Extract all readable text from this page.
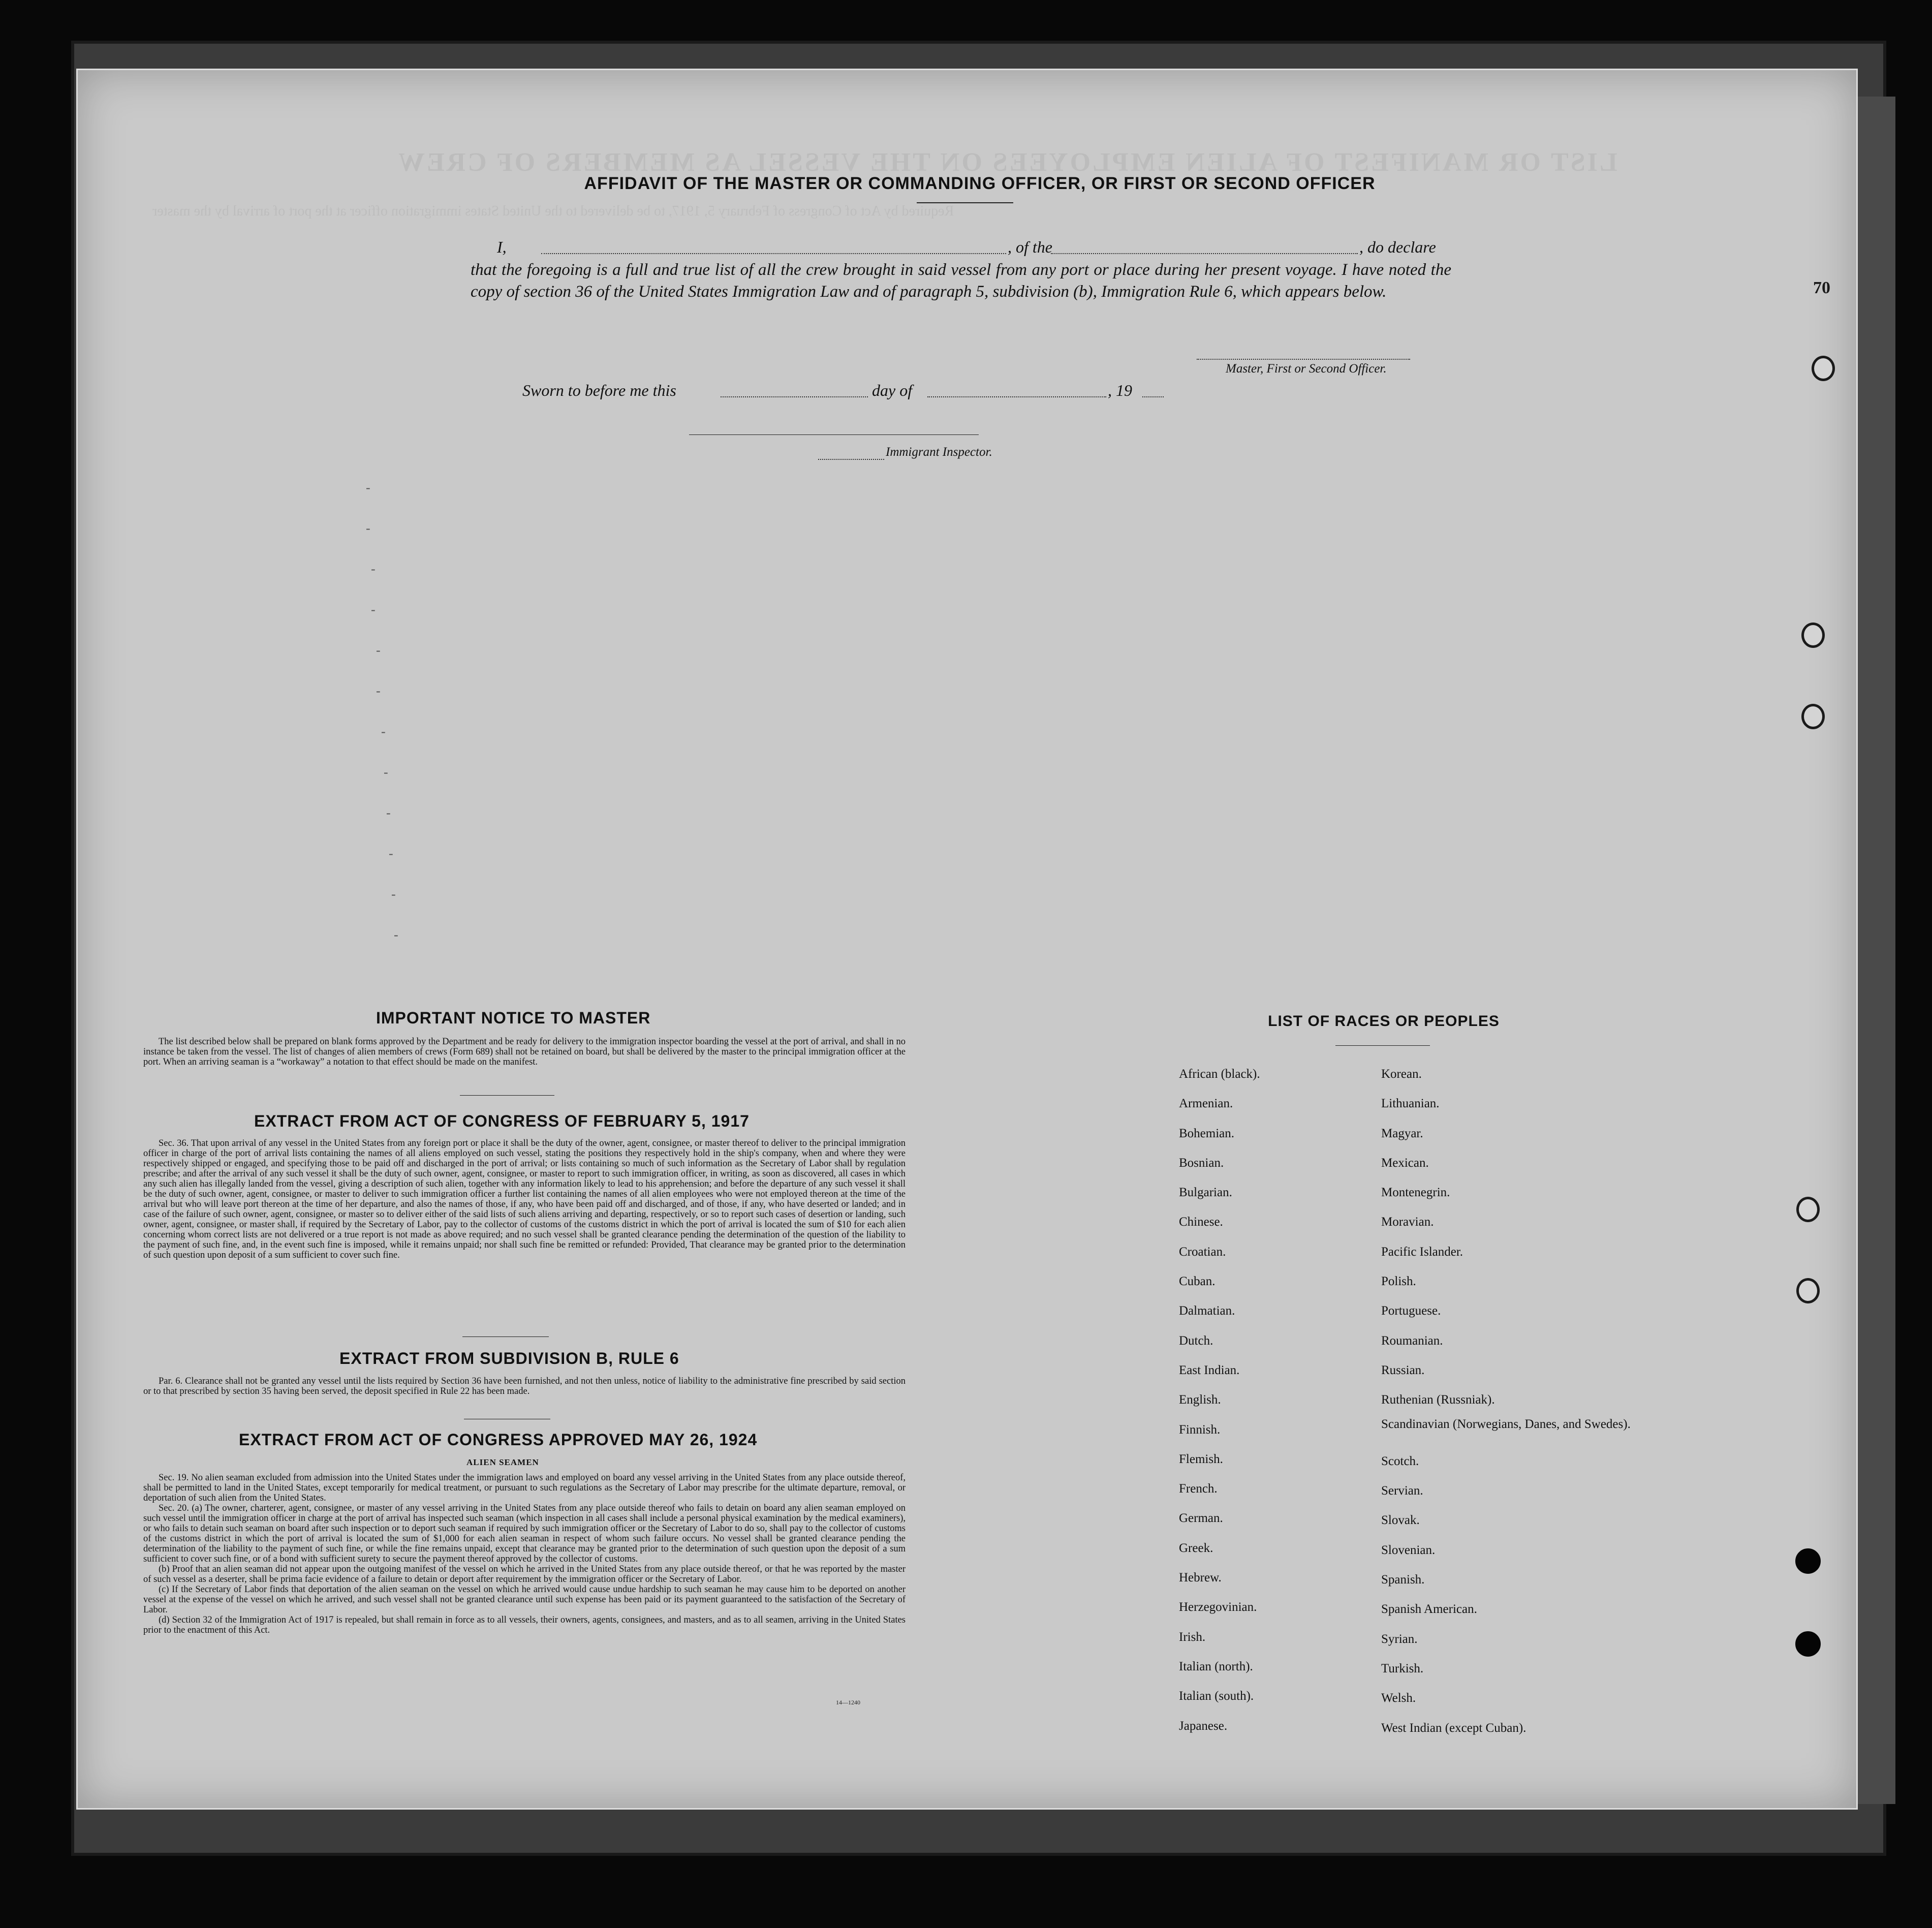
LIST OR MANIFEST OF ALIEN EMPLOYEES ON THE VESSEL AS MEMBERS OF CREW
Required by Act of Congress of February 5, 1917, to be delivered to the United States immigration officer at the port of arrival by the master
AFFIDAVIT OF THE MASTER OR COMMANDING OFFICER, OR FIRST OR SECOND OFFICER
I,	, of the	, do declare
that the foregoing is a full and true list of all the crew brought in said vessel from any port or place during her present voyage. I have noted the copy of section 36 of the United States Immigration Law and of paragraph 5, subdivision (b), Immigration Rule 6, which appears below.
Master, First or Second Officer.
Sworn to before me this	day of	, 19
Immigrant Inspector.
-
-
-
-
-
-
-
-
-
-
-
-
IMPORTANT NOTICE TO MASTER

The list described below shall be prepared on blank forms approved by the Department and be ready for delivery to the immigration inspector boarding the vessel at the port of arrival, and shall in no instance be taken from the vessel. The list of changes of alien members of crews (Form 689) shall not be retained on board, but shall be delivered by the master to the principal immigration officer at the port. When an arriving seaman is a “workaway” a notation to that effect should be made on the manifest.

EXTRACT FROM ACT OF CONGRESS OF FEBRUARY 5, 1917

Sec. 36. That upon arrival of any vessel in the United States from any foreign port or place it shall be the duty of the owner, agent, consignee, or master thereof to deliver to the principal immigration officer in charge of the port of arrival lists containing the names of all aliens employed on such vessel, stating the positions they respectively hold in the ship's company, when and where they were respectively shipped or engaged, and specifying those to be paid off and discharged in the port of arrival; or lists containing so much of such information as the Secretary of Labor shall by regulation prescribe; and after the arrival of any such vessel it shall be the duty of such owner, agent, consignee, or master to report to such immigration officer, in writing, as soon as discovered, all cases in which any such alien has illegally landed from the vessel, giving a description of such alien, together with any information likely to lead to his apprehension; and before the departure of any such vessel it shall be the duty of such owner, agent, consignee, or master to deliver to such immigration officer a further list containing the names of all alien employees who were not employed thereon at the time of the arrival but who will leave port thereon at the time of her departure, and also the names of those, if any, who have been paid off and discharged, and of those, if any, who have deserted or landed; and in case of the failure of such owner, agent, consignee, or master so to deliver either of the said lists of such aliens arriving and departing, respectively, or so to report such cases of desertion or landing, such owner, agent, consignee, or master shall, if required by the Secretary of Labor, pay to the collector of customs of the customs district in which the port of arrival is located the sum of $10 for each alien concerning whom correct lists are not delivered or a true report is not made as above required; and no such vessel shall be granted clearance pending the determination of the question of the liability to the payment of such fine, and, in the event such fine is imposed, while it remains unpaid; nor shall such fine be remitted or refunded: Provided, That clearance may be granted prior to the determination of such question upon deposit of a sum sufficient to cover such fine.

EXTRACT FROM SUBDIVISION B, RULE 6

Par. 6. Clearance shall not be granted any vessel until the lists required by Section 36 have been furnished, and not then unless, notice of liability to the administrative fine prescribed by said section or to that prescribed by section 35 having been served, the deposit specified in Rule 22 has been made.

EXTRACT FROM ACT OF CONGRESS APPROVED MAY 26, 1924
ALIEN SEAMEN

Sec. 19. No alien seaman excluded from admission into the United States under the immigration laws and employed on board any vessel arriving in the United States from any place outside thereof, shall be permitted to land in the United States, except temporarily for medical treatment, or pursuant to such regulations as the Secretary of Labor may prescribe for the ultimate departure, removal, or deportation of such alien from the United States.

Sec. 20. (a) The owner, charterer, agent, consignee, or master of any vessel arriving in the United States from any place outside thereof who fails to detain on board any alien seaman employed on such vessel until the immigration officer in charge at the port of arrival has inspected such seaman (which inspection in all cases shall include a personal physical examination by the medical examiners), or who fails to detain such seaman on board after such inspection or to deport such seaman if required by such immigration officer or the Secretary of Labor to do so, shall pay to the collector of customs of the customs district in which the port of arrival is located the sum of $1,000 for each alien seaman in respect of whom such failure occurs. No vessel shall be granted clearance pending the determination of the liability to the payment of such fine, or while the fine remains unpaid, except that clearance may be granted prior to the determination of such question upon the deposit of a sum sufficient to cover such fine, or of a bond with sufficient surety to secure the payment thereof approved by the collector of customs.

(b) Proof that an alien seaman did not appear upon the outgoing manifest of the vessel on which he arrived in the United States from any place outside thereof, or that he was reported by the master of such vessel as a deserter, shall be prima facie evidence of a failure to detain or deport after requirement by the immigration officer or the Secretary of Labor.

(c) If the Secretary of Labor finds that deportation of the alien seaman on the vessel on which he arrived would cause undue hardship to such seaman he may cause him to be deported on another vessel at the expense of the vessel on which he arrived, and such vessel shall not be granted clearance until such expense has been paid or its payment guaranteed to the satisfaction of the Secretary of Labor.

(d) Section 32 of the Immigration Act of 1917 is repealed, but shall remain in force as to all vessels, their owners, agents, consignees, and masters, and as to all seamen, arriving in the United States prior to the enactment of this Act.

14—1240
LIST OF RACES OR PEOPLES
African (black).
Armenian.
Bohemian.
Bosnian.
Bulgarian.
Chinese.
Croatian.
Cuban.
Dalmatian.
Dutch.
East Indian.
English.
Finnish.
Flemish.
French.
German.
Greek.
Hebrew.
Herzegovinian.
Irish.
Italian (north).
Italian (south).
Japanese.
Korean.
Lithuanian.
Magyar.
Mexican.
Montenegrin.
Moravian.
Pacific Islander.
Polish.
Portuguese.
Roumanian.
Russian.
Ruthenian (Russniak).
Scandinavian (Norwegians, Danes, and Swedes).
Scotch.
Servian.
Slovak.
Slovenian.
Spanish.
Spanish American.
Syrian.
Turkish.
Welsh.
West Indian (except Cuban).
70
